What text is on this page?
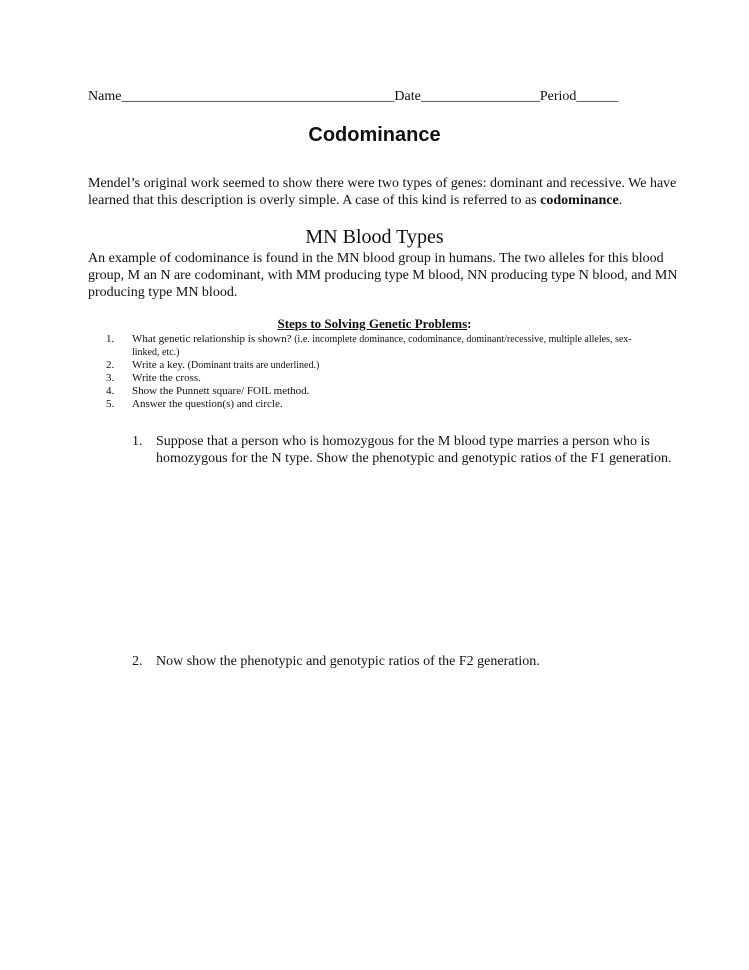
Name_______________________________________Date_________________Period______
Codominance
Mendel’s original work seemed to show there were two types of genes: dominant and recessive. We have learned that this description is overly simple. A case of this kind is referred to as codominance.
MN Blood Types
An example of codominance is found in the MN blood group in humans. The two alleles for this blood group, M an N are codominant, with MM producing type M blood, NN producing type N blood, and MN producing type MN blood.
Steps to Solving Genetic Problems:
1. What genetic relationship is shown? (i.e. incomplete dominance, codominance, dominant/recessive, multiple alleles, sex-linked, etc.)
2. Write a key. (Dominant traits are underlined.)
3. Write the cross.
4. Show the Punnett square/ FOIL method.
5. Answer the question(s) and circle.
1. Suppose that a person who is homozygous for the M blood type marries a person who is homozygous for the N type. Show the phenotypic and genotypic ratios of the F1 generation.
2. Now show the phenotypic and genotypic ratios of the F2 generation.
